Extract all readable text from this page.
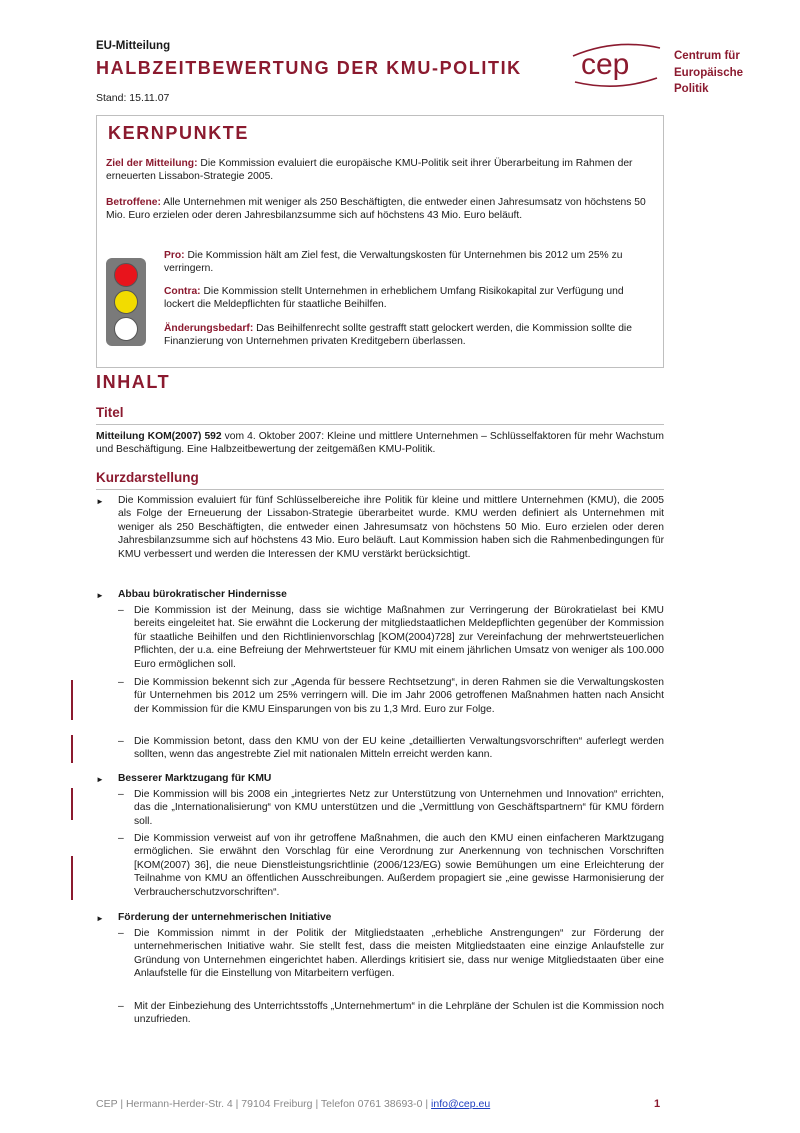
EU-Mitteilung
HALBZEITBEWERTUNG DER KMU-POLITIK
Stand: 15.11.07
cep	Centrum für
Europäische
Politik
KERNPUNKTE
Ziel der Mitteilung: Die Kommission evaluiert die europäische KMU-Politik seit ihrer Überarbeitung im Rahmen der erneuerten Lissabon-Strategie 2005.
Betroffene: Alle Unternehmen mit weniger als 250 Beschäftigten, die entweder einen Jahresumsatz von höchstens 50 Mio. Euro erzielen oder deren Jahresbilanzsumme sich auf höchstens 43 Mio. Euro beläuft.
Pro: Die Kommission hält am Ziel fest, die Verwaltungskosten für Unternehmen bis 2012 um 25% zu verringern.
Contra: Die Kommission stellt Unternehmen in erheblichem Umfang Risikokapital zur Verfügung und lockert die Meldepflichten für staatliche Beihilfen.
Änderungsbedarf: Das Beihilfenrecht sollte gestrafft statt gelockert werden, die Kommission sollte die Finanzierung von Unternehmen privaten Kreditgebern überlassen.
INHALT
Titel
Mitteilung KOM(2007) 592 vom 4. Oktober 2007: Kleine und mittlere Unternehmen – Schlüsselfaktoren für mehr Wachstum und Beschäftigung. Eine Halbzeitbewertung der zeitgemäßen KMU-Politik.
Kurzdarstellung
► Die Kommission evaluiert für fünf Schlüsselbereiche ihre Politik für kleine und mittlere Unternehmen (KMU), die 2005 als Folge der Erneuerung der Lissabon-Strategie überarbeitet wurde. KMU werden definiert als Unternehmen mit weniger als 250 Beschäftigten, die entweder einen Jahresumsatz von höchstens 50 Mio. Euro erzielen oder deren Jahresbilanzsumme sich auf höchstens 43 Mio. Euro beläuft. Laut Kommission haben sich die Rahmenbedingungen für KMU verbessert und werden die Interessen der KMU verstärkt berücksichtigt.
► Abbau bürokratischer Hindernisse
– Die Kommission ist der Meinung, dass sie wichtige Maßnahmen zur Verringerung der Bürokratielast bei KMU bereits eingeleitet hat. Sie erwähnt die Lockerung der mitgliedstaatlichen Meldepflichten gegenüber der Kommission für staatliche Beihilfen und den Richtlinienvorschlag [KOM(2004)728] zur Vereinfachung der mehrwertsteuerlichen Pflichten, der u.a. eine Befreiung der Mehrwertsteuer für KMU mit einem jährlichen Umsatz von weniger als 100.000 Euro ermöglichen soll.
– Die Kommission bekennt sich zur „Agenda für bessere Rechtsetzung“, in deren Rahmen sie die Verwaltungskosten für Unternehmen bis 2012 um 25% verringern will. Die im Jahr 2006 getroffenen Maßnahmen hatten nach Ansicht der Kommission für die KMU Einsparungen von bis zu 1,3 Mrd. Euro zur Folge.
– Die Kommission betont, dass den KMU von der EU keine „detaillierten Verwaltungsvorschriften“ auferlegt werden sollten, wenn das angestrebte Ziel mit nationalen Mitteln erreicht werden kann.
► Besserer Marktzugang für KMU
– Die Kommission will bis 2008 ein „integriertes Netz zur Unterstützung von Unternehmen und Innovation“ errichten, das die „Internationalisierung“ von KMU unterstützen und die „Vermittlung von Geschäftspartnern“ für KMU fördern soll.
– Die Kommission verweist auf von ihr getroffene Maßnahmen, die auch den KMU einen einfacheren Marktzugang ermöglichen. Sie erwähnt den Vorschlag für eine Verordnung zur Anerkennung von technischen Vorschriften [KOM(2007) 36], die neue Dienstleistungsrichtlinie (2006/123/EG) sowie Bemühungen um eine Erleichterung der Teilnahme von KMU an öffentlichen Ausschreibungen. Außerdem propagiert sie „eine gewisse Harmonisierung der Verbraucherschutzvorschriften“.
► Förderung der unternehmerischen Initiative
– Die Kommission nimmt in der Politik der Mitgliedstaaten „erhebliche Anstrengungen“ zur Förderung der unternehmerischen Initiative wahr. Sie stellt fest, dass die meisten Mitgliedstaaten eine einzige Anlaufstelle zur Gründung von Unternehmen eingerichtet haben. Allerdings kritisiert sie, dass nur wenige Mitgliedstaaten über eine Anlaufstelle für die Einstellung von Mitarbeitern verfügen.
– Mit der Einbeziehung des Unterrichtsstoffs „Unternehmertum“ in die Lehrpläne der Schulen ist die Kommission noch unzufrieden.
CEP | Hermann-Herder-Str. 4 | 79104 Freiburg | Telefon 0761 38693-0 | info@cep.eu	1
